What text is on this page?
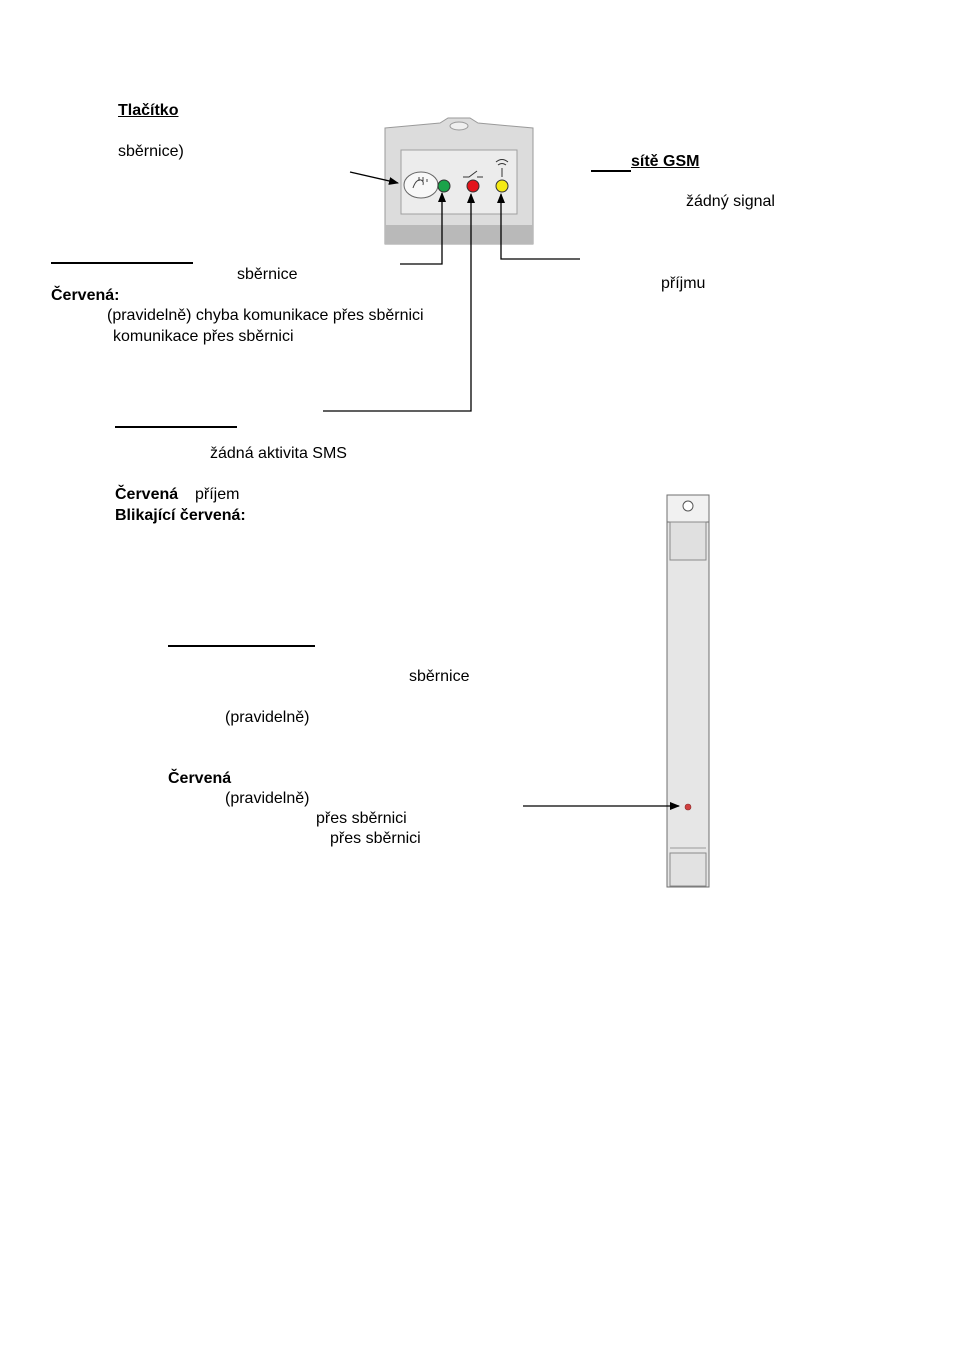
Tlačítko
sběrnice)
sítě GSM
žádný signal
příjmu
sběrnice
Červená:
(pravidelně) chyba komunikace přes sběrnici
komunikace přes sběrnici
žádná aktivita SMS
Červená příjem
Blikající červená:
sběrnice
(pravidelně)
Červená
(pravidelně)
přes sběrnici
přes sběrnici
